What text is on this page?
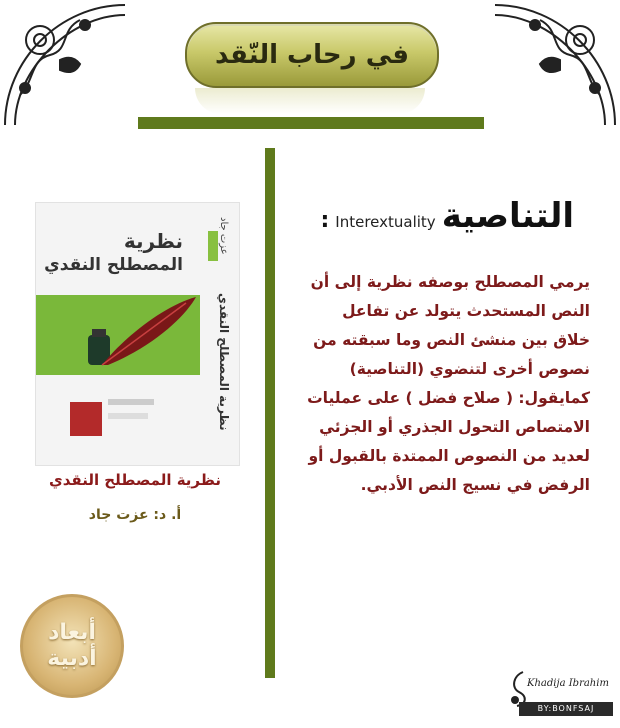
في رحاب النّقد
نظرية
المصطلح النقدي
عزت جاد
نظرية المصطلح النقدي
نظرية المصطلح النقدي
أ. د: عزت جاد
التناصية
Interextuality
:
يرمي المصطلح بوصفه نظرية إلى أن النص المستحدث يتولد عن تفاعل خلاق بين منشئ النص وما سبقته من نصوص أخرى لتنضوي (التناصية) كمايقول: ( صلاح فضل ) على عمليات الامتصاص التحول الجذري أو الجزئي لعديد من النصوص الممتدة بالقبول أو الرفض في نسيج النص الأدبي.
أبعاد
أدبية
Khadija Ibrahim
BY:BONFSAJ
